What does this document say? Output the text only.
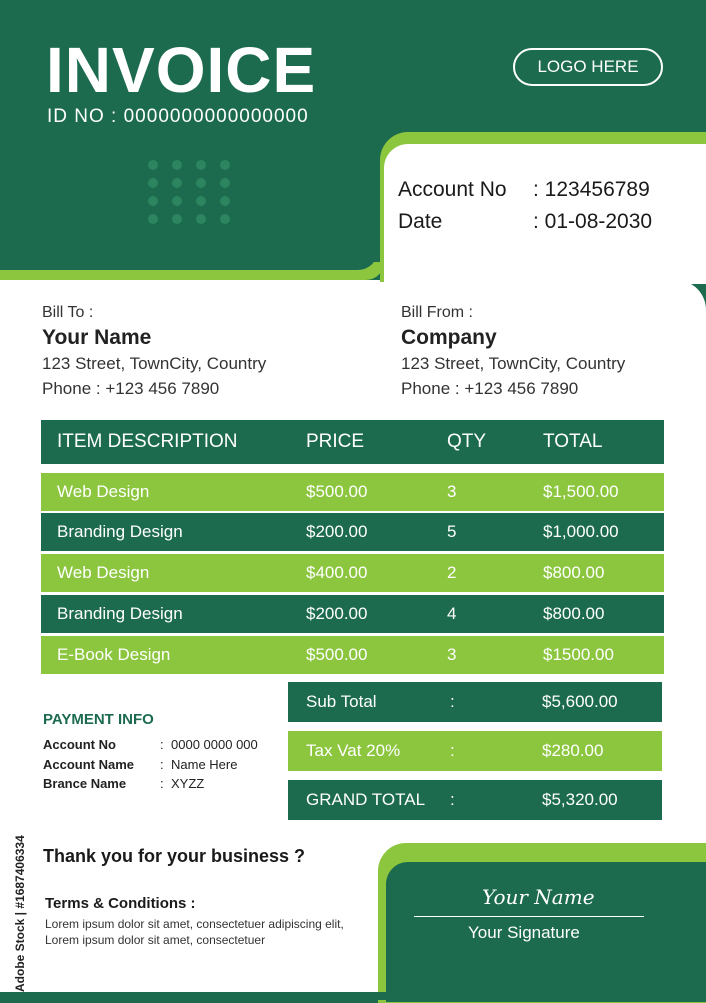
INVOICE
ID NO : 0000000000000000
LOGO HERE
Account No : 123456789
Date	: 01-08-2030
Bill To :
Your Name
123 Street, TownCity, Country
Phone : +123 456 7890
Bill From :
Company
123 Street, TownCity, Country
Phone : +123 456 7890
ITEM DESCRIPTION	PRICE	QTY	TOTAL
Web Design	$500.00	3	$1,500.00
Branding Design	$200.00	5	$1,000.00
Web Design	$400.00	2	$800.00
Branding Design	$200.00	4	$800.00
E-Book Design	$500.00	3	$1500.00
Sub Total	:	$5,600.00
Tax Vat 20%	:	$280.00
GRAND TOTAL :	$5,320.00
PAYMENT INFO
Account No	: 0000 0000 000
Account Name : Name Here
Brance Name	: XYZZ
Thank you for your business ?
Terms & Conditions :
Lorem ipsum dolor sit amet, consectetuer adipiscing elit, Lorem ipsum dolor sit amet, consectetuer
Your Name
Your Signature
Adobe Stock | #1687406334
